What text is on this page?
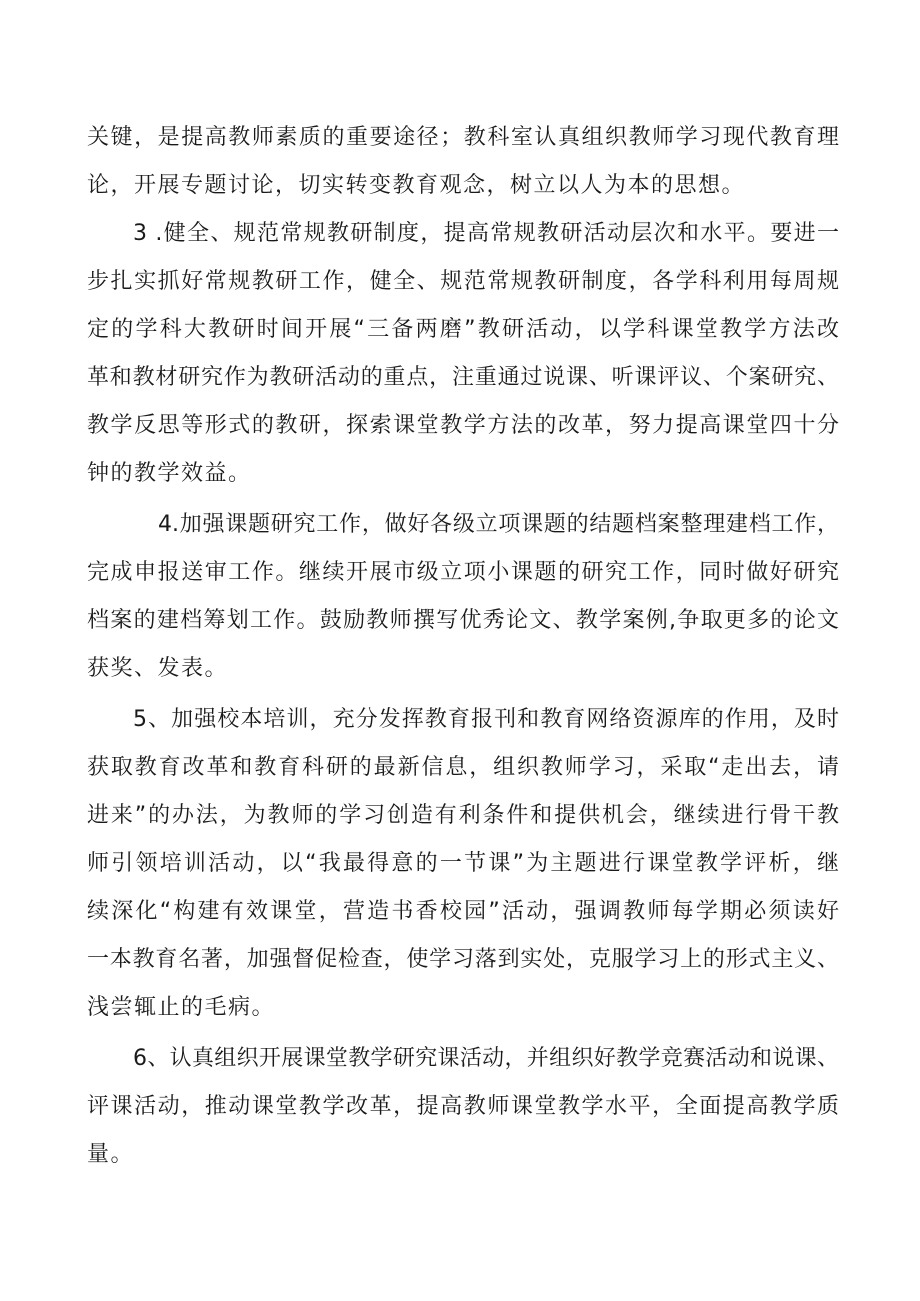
关键，是提高教师素质的重要途径；教科室认真组织教师学习现代教育理
论，开展专题讨论，切实转变教育观念，树立以人为本的思想。
3 .健全、规范常规教研制度，提高常规教研活动层次和水平。要进一
步扎实抓好常规教研工作，健全、规范常规教研制度，各学科利用每周规
定的学科大教研时间开展“三备两磨”教研活动，以学科课堂教学方法改
革和教材研究作为教研活动的重点，注重通过说课、听课评议、个案研究、
教学反思等形式的教研，探索课堂教学方法的改革，努力提高课堂四十分
钟的教学效益。
4.加强课题研究工作，做好各级立项课题的结题档案整理建档工作，
完成申报送审工作。继续开展市级立项小课题的研究工作，同时做好研究
档案的建档筹划工作。鼓励教师撰写优秀论文、教学案例,争取更多的论文
获奖、发表。
5、加强校本培训，充分发挥教育报刊和教育网络资源库的作用，及时
获取教育改革和教育科研的最新信息，组织教师学习，采取“走出去，请
进来”的办法，为教师的学习创造有利条件和提供机会，继续进行骨干教
师引领培训活动，以“我最得意的一节课”为主题进行课堂教学评析，继
续深化“构建有效课堂，营造书香校园”活动，强调教师每学期必须读好
一本教育名著，加强督促检查，使学习落到实处，克服学习上的形式主义、
浅尝辄止的毛病。
6、认真组织开展课堂教学研究课活动，并组织好教学竞赛活动和说课、
评课活动，推动课堂教学改革，提高教师课堂教学水平，全面提高教学质
量。
